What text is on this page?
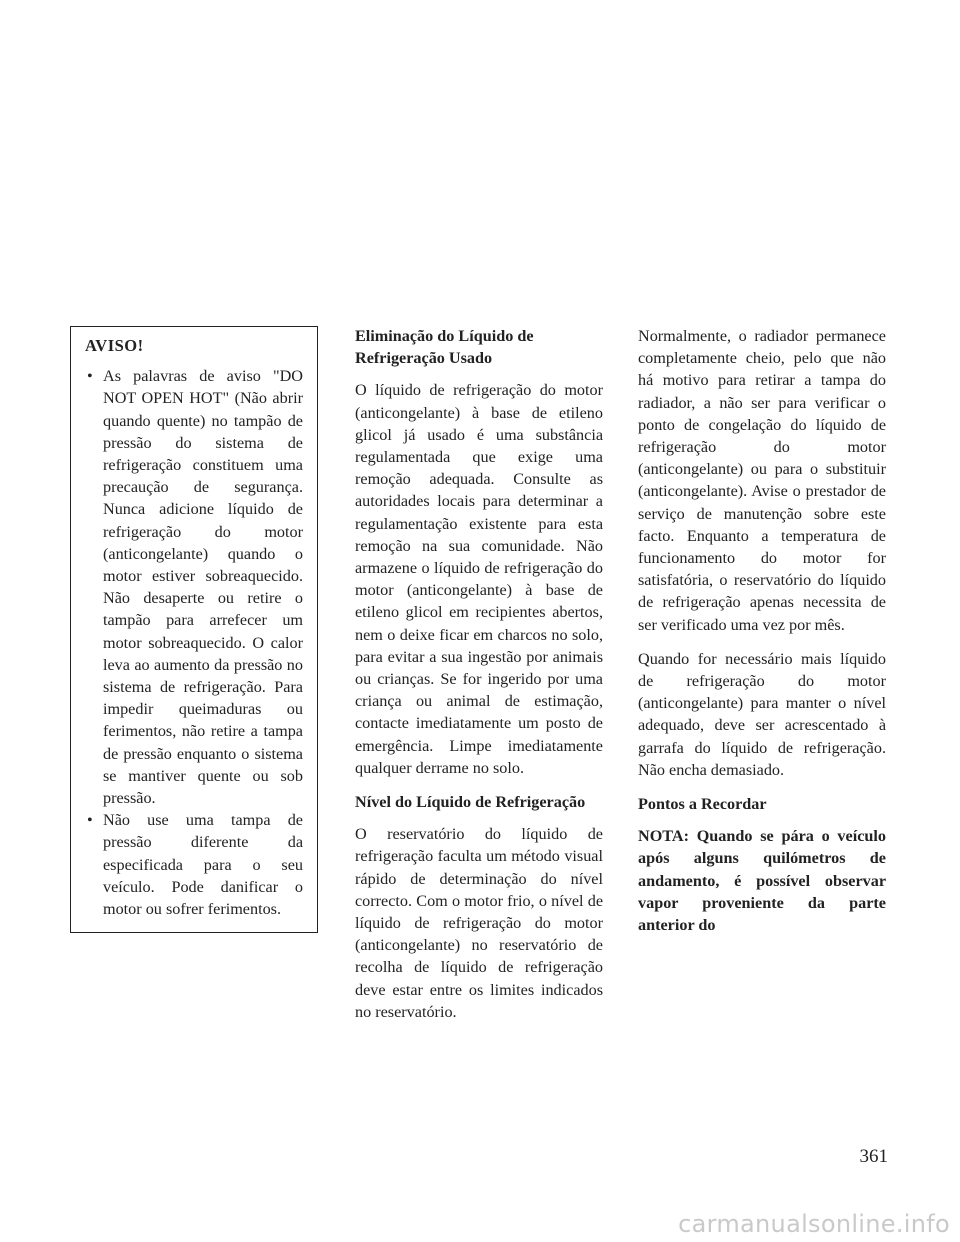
AVISO!
• As palavras de aviso "DO NOT OPEN HOT" (Não abrir quando quente) no tampão de pressão do sistema de refrigeração constituem uma precaução de segurança. Nunca adicione líquido de refrigeração do motor (anticongelante) quando o motor estiver sobreaquecido. Não desaperte ou retire o tampão para arrefecer um motor sobreaquecido. O calor leva ao aumento da pressão no sistema de refrigeração. Para impedir queimaduras ou ferimentos, não retire a tampa de pressão enquanto o sistema se mantiver quente ou sob pressão.
• Não use uma tampa de pressão diferente da especificada para o seu veículo. Pode danificar o motor ou sofrer ferimentos.
Eliminação do Líquido de Refrigeração Usado

O líquido de refrigeração do motor (anticongelante) à base de etileno glicol já usado é uma substância regulamentada que exige uma remoção adequada. Consulte as autoridades locais para determinar a regulamentação existente para esta remoção na sua comunidade. Não armazene o líquido de refrigeração do motor (anticongelante) à base de etileno glicol em recipientes abertos, nem o deixe ficar em charcos no solo, para evitar a sua ingestão por animais ou crianças. Se for ingerido por uma criança ou animal de estimação, contacte imediatamente um posto de emergência. Limpe imediatamente qualquer derrame no solo.

Nível do Líquido de Refrigeração

O reservatório do líquido de refrigeração faculta um método visual rápido de determinação do nível correcto. Com o motor frio, o nível de líquido de refrigeração do motor (anticongelante) no reservatório de recolha de líquido de refrigeração deve estar entre os limites indicados no reservatório.

Normalmente, o radiador permanece completamente cheio, pelo que não há motivo para retirar a tampa do radiador, a não ser para verificar o ponto de congelação do líquido de refrigeração do motor (anticongelante) ou para o substituir (anticongelante). Avise o prestador de serviço de manutenção sobre este facto. Enquanto a temperatura de funcionamento do motor for satisfatória, o reservatório do líquido de refrigeração apenas necessita de ser verificado uma vez por mês.

Quando for necessário mais líquido de refrigeração do motor (anticongelante) para manter o nível adequado, deve ser acrescentado à garrafa do líquido de refrigeração. Não encha demasiado.

Pontos a Recordar

NOTA: Quando se pára o veículo após alguns quilómetros de andamento, é possível observar vapor proveniente da parte anterior do

361
carmanualsonline.info
